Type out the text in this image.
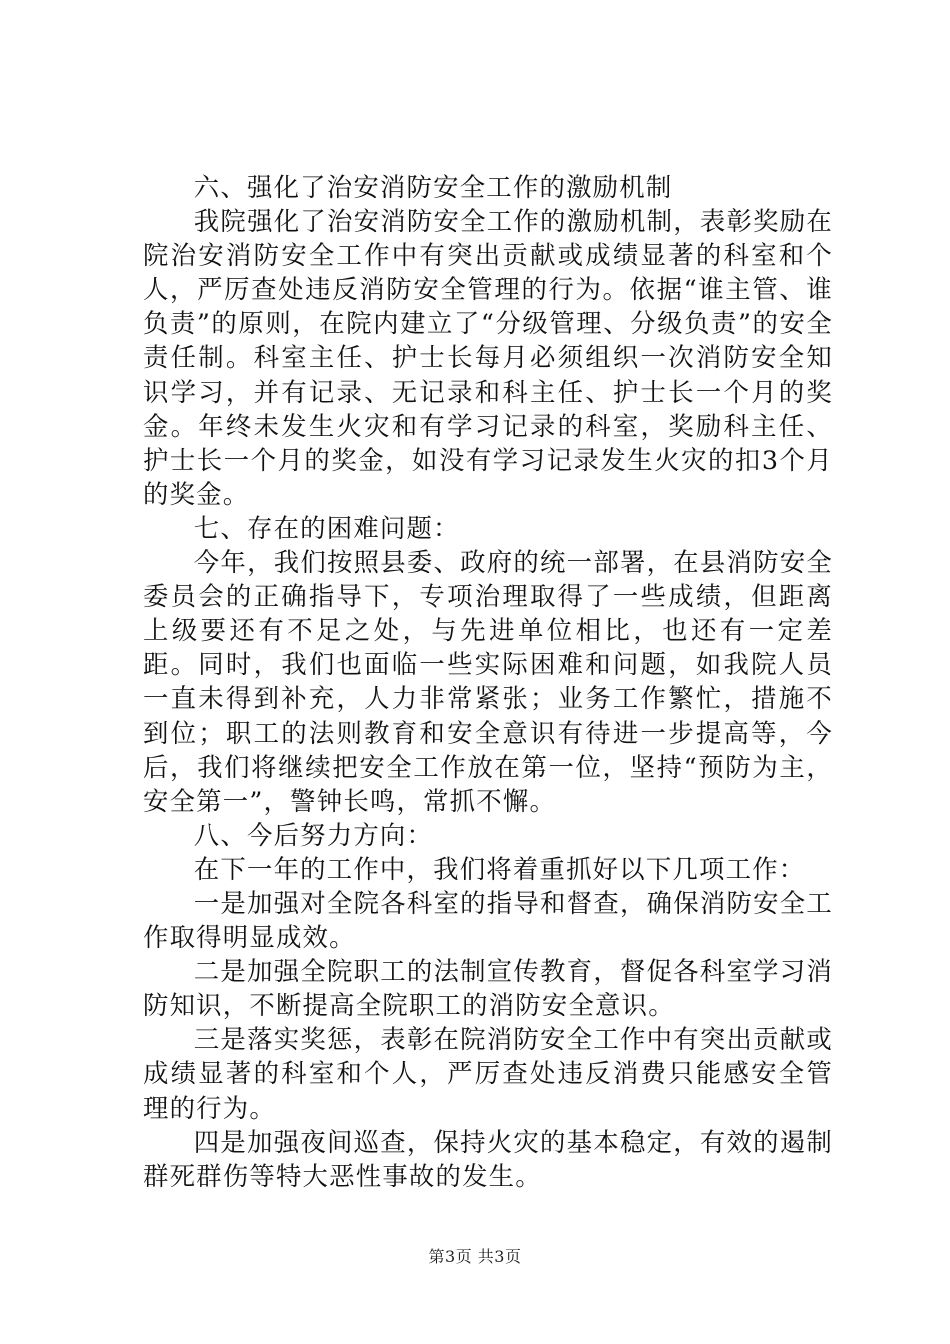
六、强化了治安消防安全工作的激励机制

我院强化了治安消防安全工作的激励机制，表彰奖励在院治安消防安全工作中有突出贡献或成绩显著的科室和个人，严厉查处违反消防安全管理的行为。依据“谁主管、谁负责”的原则，在院内建立了“分级管理、分级负责”的安全责任制。科室主任、护士长每月必须组织一次消防安全知识学习，并有记录、无记录和科主任、护士长一个月的奖金。年终未发生火灾和有学习记录的科室，奖励科主任、护士长一个月的奖金，如没有学习记录发生火灾的扣3个月的奖金。

七、存在的困难问题：

今年，我们按照县委、政府的统一部署，在县消防安全委员会的正确指导下，专项治理取得了一些成绩，但距离上级要还有不足之处，与先进单位相比，也还有一定差距。同时，我们也面临一些实际困难和问题，如我院人员一直未得到补充，人力非常紧张；业务工作繁忙，措施不到位；职工的法则教育和安全意识有待进一步提高等，今后，我们将继续把安全工作放在第一位，坚持“预防为主，安全第一”，警钟长鸣，常抓不懈。

八、今后努力方向：

在下一年的工作中，我们将着重抓好以下几项工作：

一是加强对全院各科室的指导和督查，确保消防安全工作取得明显成效。

二是加强全院职工的法制宣传教育，督促各科室学习消防知识，不断提高全院职工的消防安全意识。

三是落实奖惩，表彰在院消防安全工作中有突出贡献或成绩显著的科室和个人，严厉查处违反消费只能感安全管理的行为。

四是加强夜间巡查，保持火灾的基本稳定，有效的遏制群死群伤等特大恶性事故的发生。

第3页 共3页
